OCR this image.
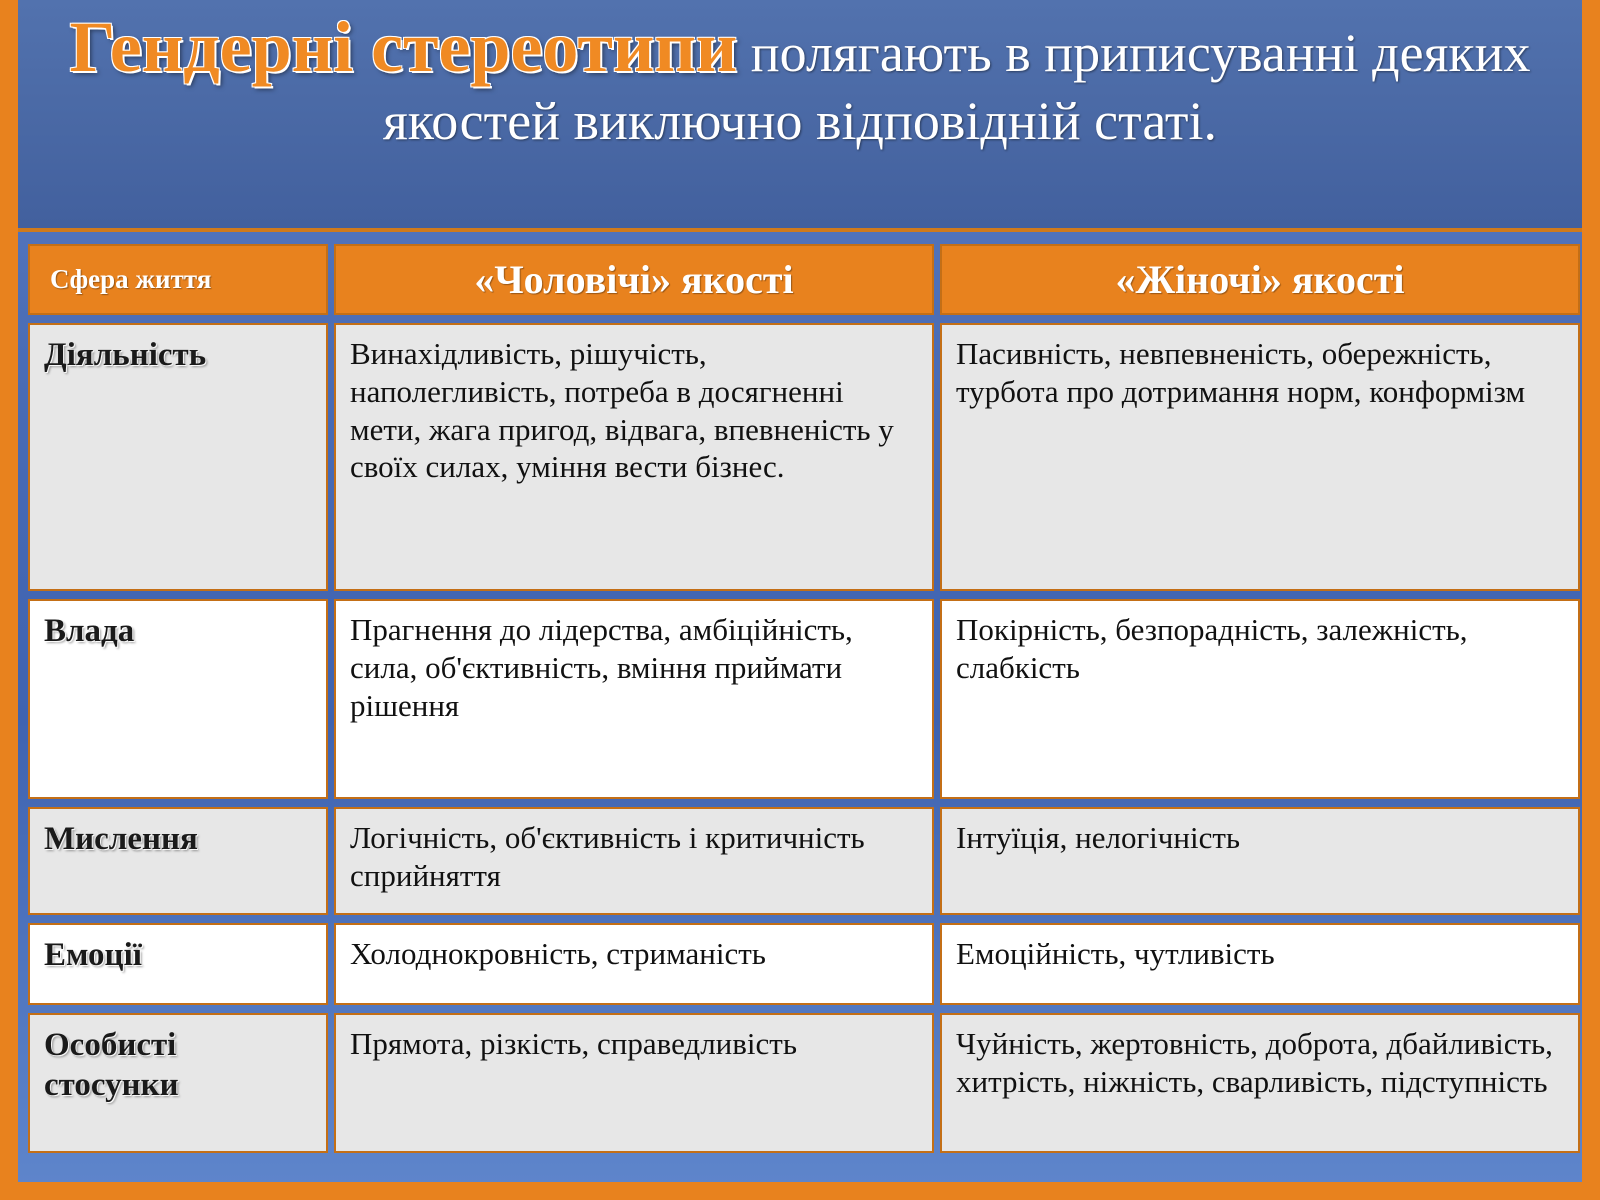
Гендерні стереотипи полягають в приписуванні деяких якостей виключно відповідній статі.
Сфера життя	«Чоловічі» якості	«Жіночі» якості
Діяльність	Винахідливість, рішучість, наполегливість, потреба в досягненні мети, жага пригод, відвага, впевненість у своїх силах, уміння вести бізнес.	Пасивність, невпевненість, обережність, турбота про дотримання норм, конформізм
Влада	Прагнення до лідерства, амбіційність, сила, об'єктивність, вміння приймати рішення	Покірність, безпорадність, залежність, слабкість
Мислення	Логічність, об'єктивність і критичність сприйняття	Інтуїція, нелогічність
Емоції	Холоднокровність, стриманість	Емоційність, чутливість
Особисті стосунки	Прямота, різкість, справедливість	Чуйність, жертовність, доброта, дбайливість, хитрість, ніжність, сварливість, підступність
